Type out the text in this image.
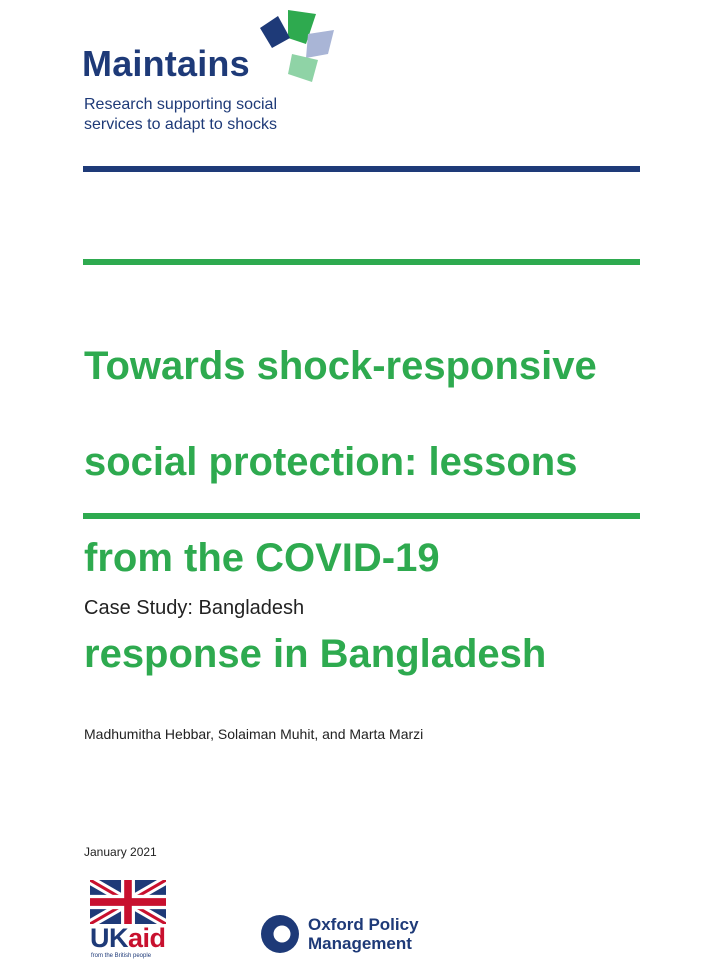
Maintains
Research supporting social
services to adapt to shocks

Towards shock-responsive

social protection: lessons

from the COVID-19

response in Bangladesh

Case Study: Bangladesh
Madhumitha Hebbar, Solaiman Muhit, and Marta Marzi
January 2021
UKaid
from the British people
Oxford Policy
Management
